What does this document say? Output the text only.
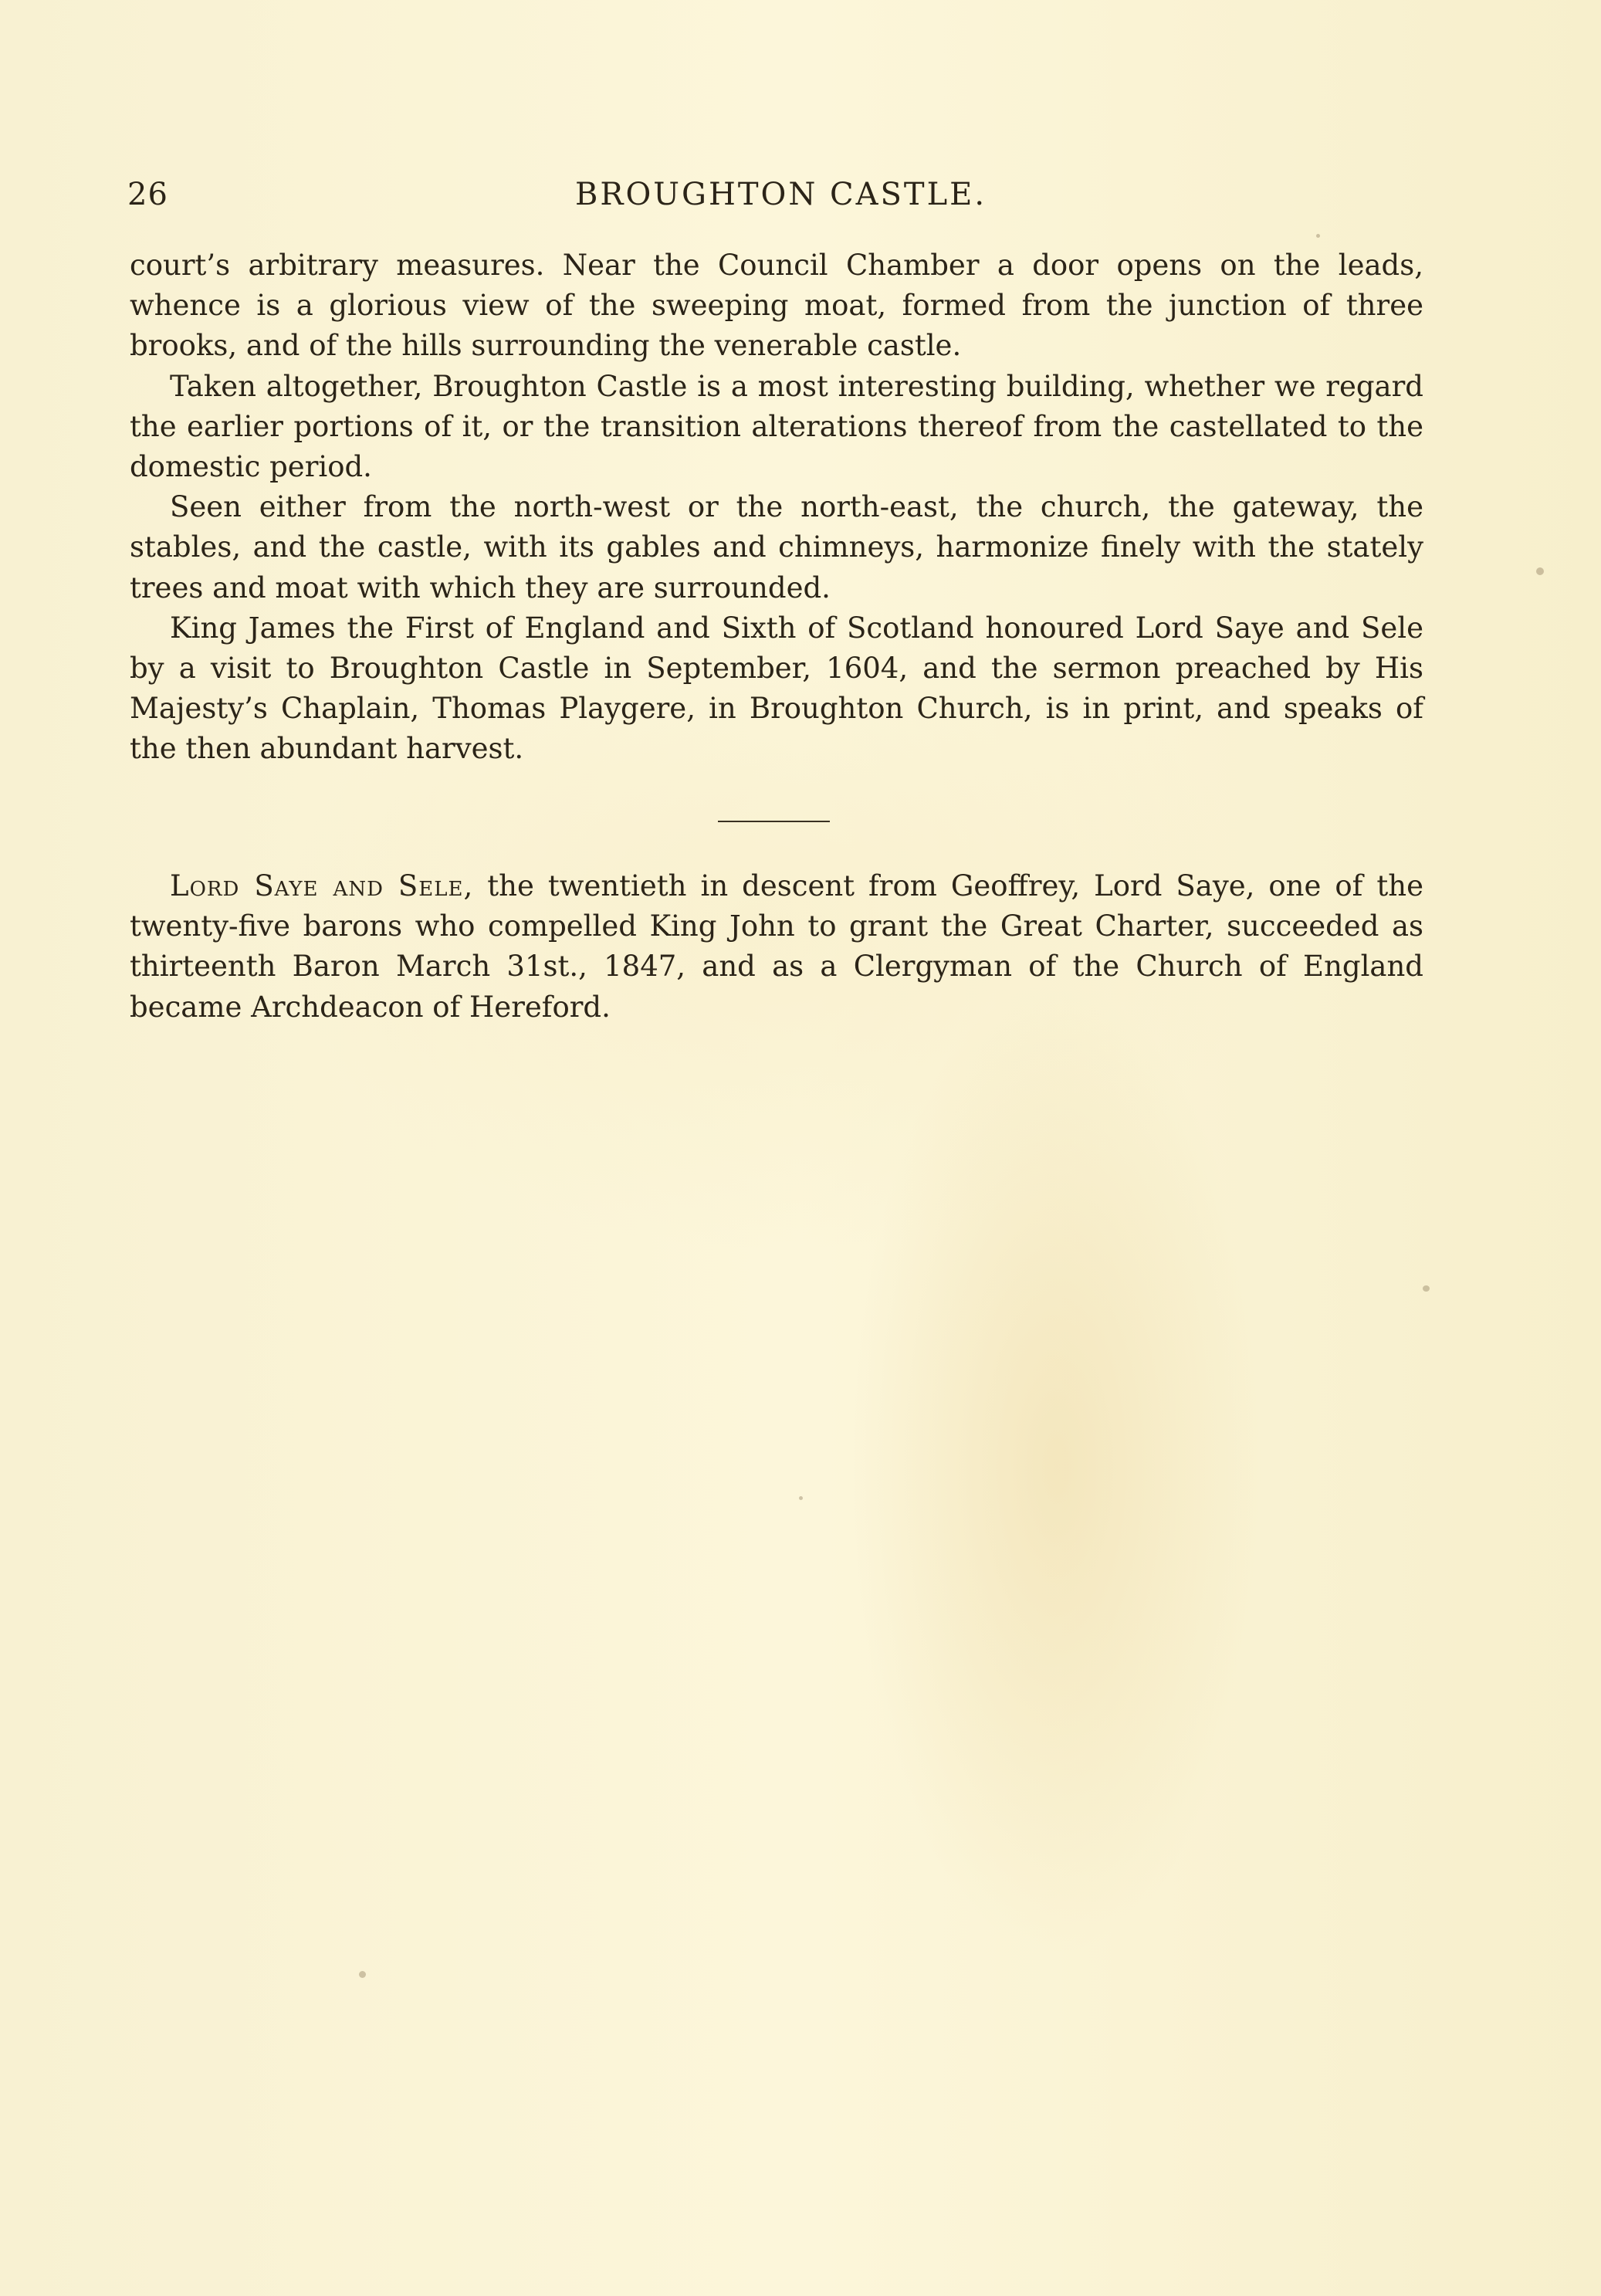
26	BROUGHTON CASTLE.

court’s arbitrary measures. Near the Council Chamber a door opens on the leads, whence is a glorious view of the sweeping moat, formed from the junction of three brooks, and of the hills surrounding the venerable castle.

Taken altogether, Broughton Castle is a most interesting building, whether we regard the earlier portions of it, or the transition alterations thereof from the castellated to the domestic period.

Seen either from the north-west or the north-east, the church, the gateway, the stables, and the castle, with its gables and chimneys, harmonize finely with the stately trees and moat with which they are surrounded.

King James the First of England and Sixth of Scotland honoured Lord Saye and Sele by a visit to Broughton Castle in September, 1604, and the sermon preached by His Majesty’s Chaplain, Thomas Playgere, in Broughton Church, is in print, and speaks of the then abundant harvest.

Lord Saye and Sele, the twentieth in descent from Geoffrey, Lord Saye, one of the twenty-five barons who compelled King John to grant the Great Charter, succeeded as thirteenth Baron March 31st., 1847, and as a Clergyman of the Church of England became Archdeacon of Hereford.
